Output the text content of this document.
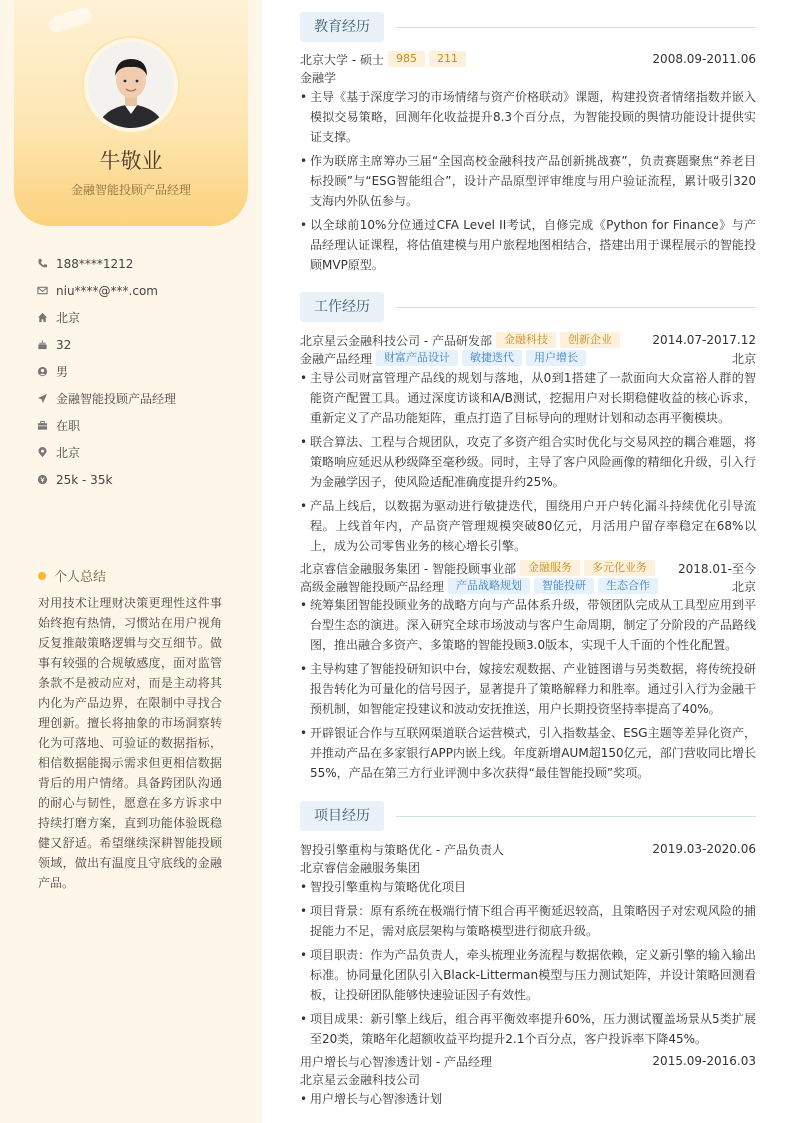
牛敬业
金融智能投顾产品经理
188****1212
niu****@***.com
北京
32
男
金融智能投顾产品经理
在职
北京
25k - 35k
个人总结
对用技术让理财决策更理性这件事始终抱有热情，习惯站在用户视角反复推敲策略逻辑与交互细节。做事有较强的合规敏感度，面对监管条款不是被动应对，而是主动将其内化为产品边界，在限制中寻找合理创新。擅长将抽象的市场洞察转化为可落地、可验证的数据指标，相信数据能揭示需求但更相信数据背后的用户情绪。具备跨团队沟通的耐心与韧性，愿意在多方诉求中持续打磨方案，直到功能体验既稳健又舒适。希望继续深耕智能投顾领域，做出有温度且守底线的金融产品。
教育经历
北京大学 - 硕士	985	211	2008.09-2011.06
金融学
• 主导《基于深度学习的市场情绪与资产价格联动》课题，构建投资者情绪指数并嵌入模拟交易策略，回测年化收益提升8.3个百分点，为智能投顾的舆情功能设计提供实证支撑。
• 作为联席主席筹办三届“全国高校金融科技产品创新挑战赛”，负责赛题聚焦“养老目标投顾”与“ESG智能组合”，设计产品原型评审维度与用户验证流程，累计吸引320支海内外队伍参与。
• 以全球前10%分位通过CFA Level II考试，自修完成《Python for Finance》与产品经理认证课程，将估值建模与用户旅程地图相结合，搭建出用于课程展示的智能投顾MVP原型。
工作经历
北京星云金融科技公司 - 产品研发部	金融科技	创新企业	2014.07-2017.12
金融产品经理	财富产品设计	敏捷迭代	用户增长	北京
• 主导公司财富管理产品线的规划与落地，从0到1搭建了一款面向大众富裕人群的智能资产配置工具。通过深度访谈和A/B测试，挖掘用户对长期稳健收益的核心诉求，重新定义了产品功能矩阵，重点打造了目标导向的理财计划和动态再平衡模块。
• 联合算法、工程与合规团队，攻克了多资产组合实时优化与交易风控的耦合难题，将策略响应延迟从秒级降至毫秒级。同时，主导了客户风险画像的精细化升级，引入行为金融学因子，使风险适配准确度提升约25%。
• 产品上线后，以数据为驱动进行敏捷迭代，围绕用户开户转化漏斗持续优化引导流程。上线首年内，产品资产管理规模突破80亿元，月活用户留存率稳定在68%以上，成为公司零售业务的核心增长引擎。
北京睿信金融服务集团 - 智能投顾事业部	金融服务	多元化业务	2018.01-至今
高级金融智能投顾产品经理	产品战略规划	智能投研	生态合作	北京
• 统筹集团智能投顾业务的战略方向与产品体系升级，带领团队完成从工具型应用到平台型生态的演进。深入研究全球市场波动与客户生命周期，制定了分阶段的产品路线图，推出融合多资产、多策略的智能投顾3.0版本，实现千人千面的个性化配置。
• 主导构建了智能投研知识中台，嫁接宏观数据、产业链图谱与另类数据，将传统投研报告转化为可量化的信号因子，显著提升了策略解释力和胜率。通过引入行为金融干预机制，如智能定投建议和波动安抚推送，用户长期投资坚持率提高了40%。
• 开辟银证合作与互联网渠道联合运营模式，引入指数基金、ESG主题等差异化资产，并推动产品在多家银行APP内嵌上线。年度新增AUM超150亿元，部门营收同比增长55%，产品在第三方行业评测中多次获得“最佳智能投顾”奖项。
项目经历
智投引擎重构与策略优化 - 产品负责人	2019.03-2020.06
北京睿信金融服务集团
• 智投引擎重构与策略优化项目
• 项目背景：原有系统在极端行情下组合再平衡延迟较高，且策略因子对宏观风险的捕捉能力不足，需对底层架构与策略模型进行彻底升级。
• 项目职责：作为产品负责人，牵头梳理业务流程与数据依赖，定义新引擎的输入输出标准。协同量化团队引入Black-Litterman模型与压力测试矩阵，并设计策略回测看板，让投研团队能够快速验证因子有效性。
• 项目成果：新引擎上线后，组合再平衡效率提升60%，压力测试覆盖场景从5类扩展至20类，策略年化超额收益平均提升2.1个百分点，客户投诉率下降45%。
用户增长与心智渗透计划 - 产品经理	2015.09-2016.03
北京星云金融科技公司
• 用户增长与心智渗透计划
